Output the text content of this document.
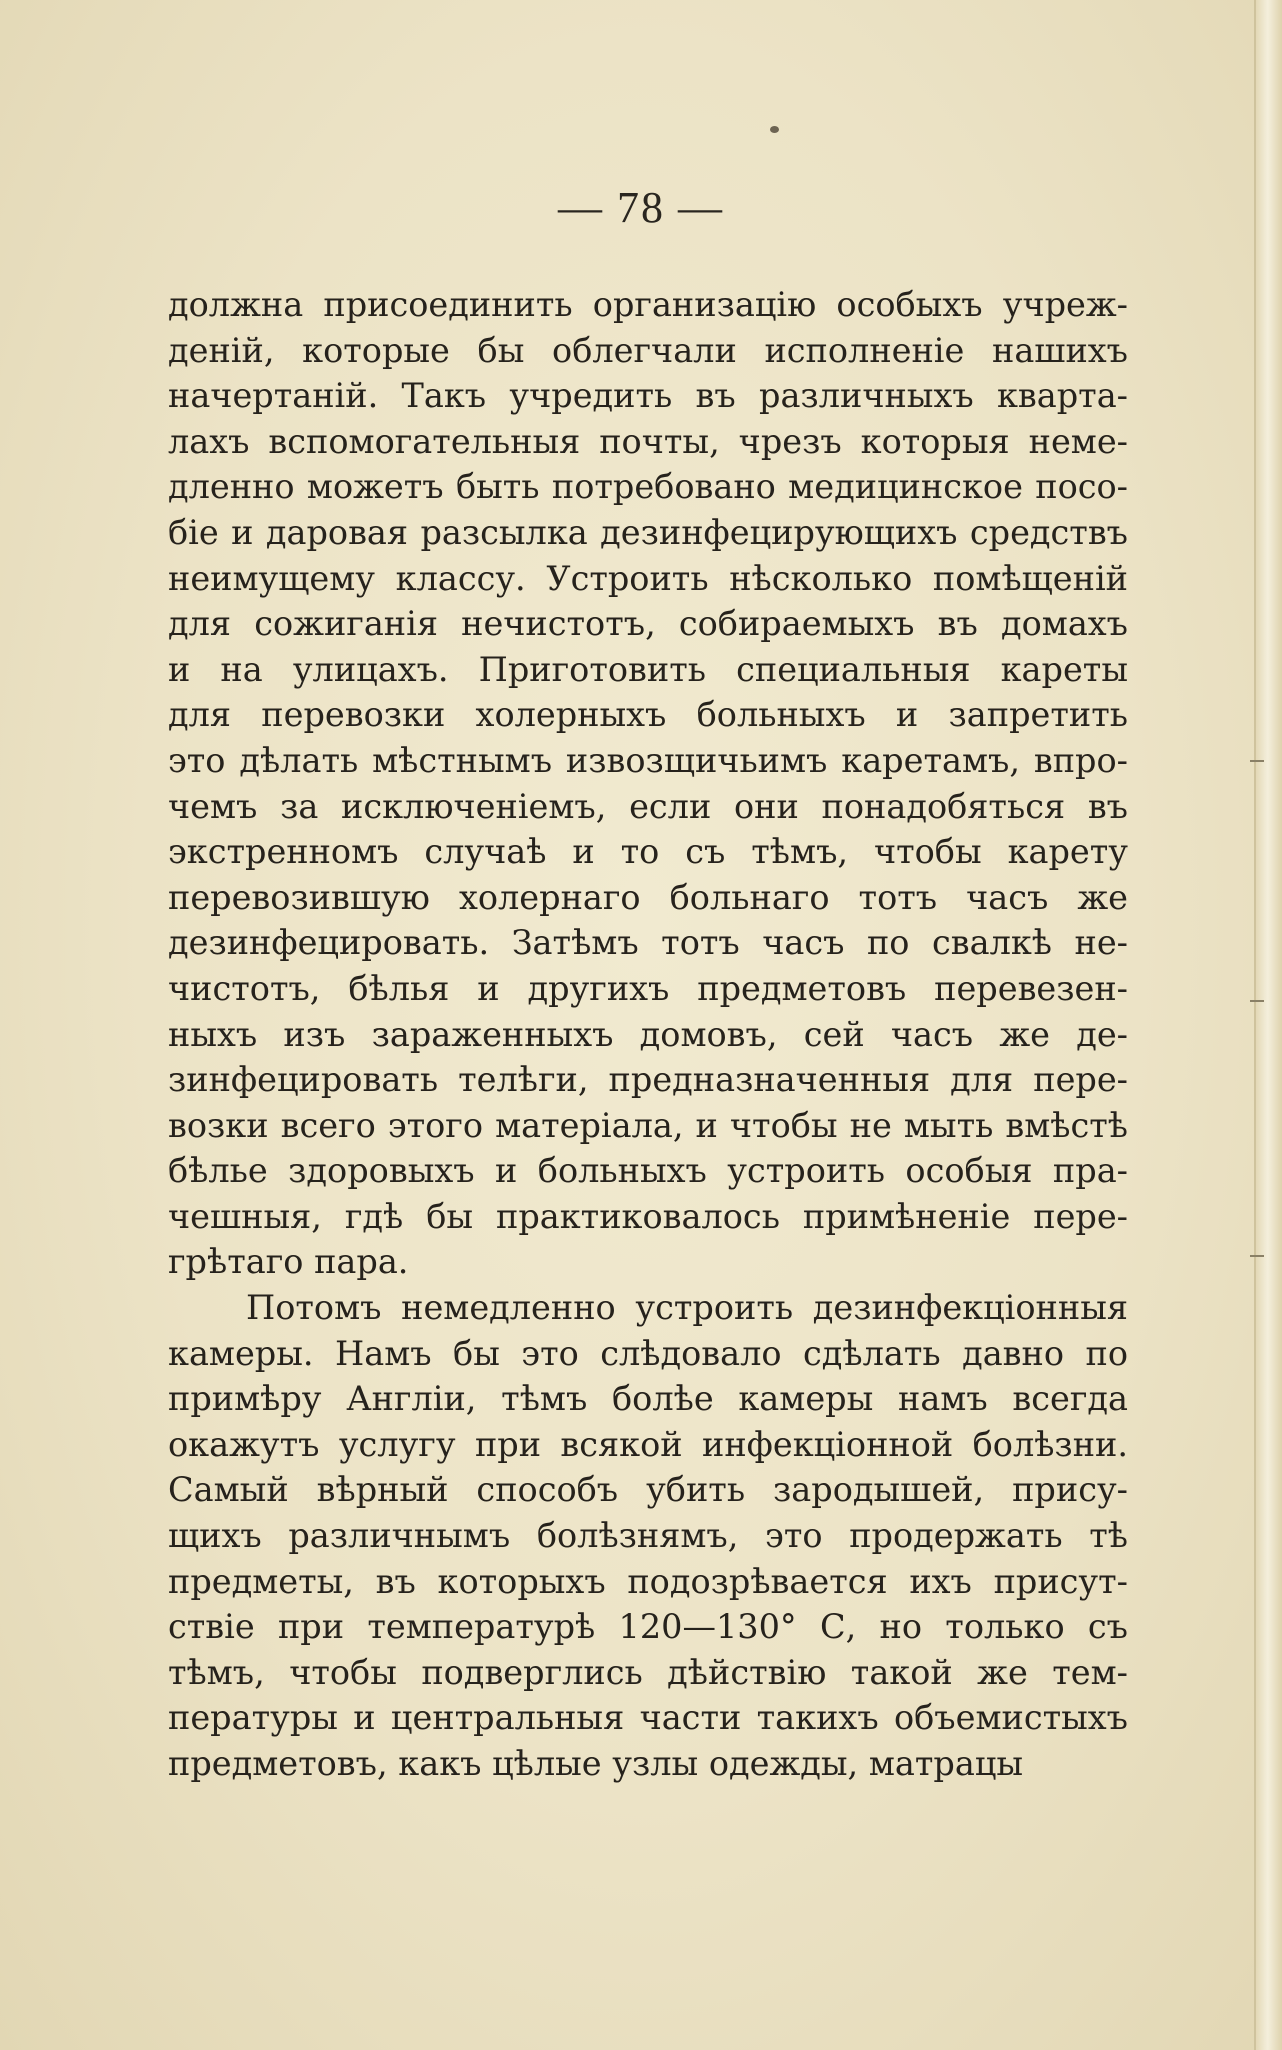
— 78 —
должна присоединить организацію особыхъ учреж-
деній, которые бы облегчали исполненіе нашихъ
начертаній. Такъ учредить въ различныхъ кварта-
лахъ вспомогательныя почты, чрезъ которыя неме-
дленно можетъ быть потребовано медицинское посо-
біе и даровая разсылка дезинфецирующихъ средствъ
неимущему классу. Устроить нѣсколько помѣщеній
для сожиганія нечистотъ, собираемыхъ въ домахъ
и на улицахъ. Приготовить специальныя кареты
для перевозки холерныхъ больныхъ и запретить
это дѣлать мѣстнымъ извозщичьимъ каретамъ, впро-
чемъ за исключеніемъ, если они понадобяться въ
экстренномъ случаѣ и то съ тѣмъ, чтобы карету
перевозившую холернаго больнаго тотъ часъ же
дезинфецировать. Затѣмъ тотъ часъ по свалкѣ не-
чистотъ, бѣлья и другихъ предметовъ перевезен-
ныхъ изъ зараженныхъ домовъ, сей часъ же де-
зинфецировать телѣги, предназначенныя для пере-
возки всего этого матеріала, и чтобы не мыть вмѣстѣ
бѣлье здоровыхъ и больныхъ устроить особыя пра-
чешныя, гдѣ бы практиковалось примѣненіе пере-
грѣтаго пара.
Потомъ немедленно устроить дезинфекціонныя
камеры. Намъ бы это слѣдовало сдѣлать давно по
примѣру Англіи, тѣмъ болѣе камеры намъ всегда
окажутъ услугу при всякой инфекціонной болѣзни.
Самый вѣрный способъ убить зародышей, прису-
щихъ различнымъ болѣзнямъ, это продержать тѣ
предметы, въ которыхъ подозрѣвается ихъ присут-
ствіе при температурѣ 120—130° С, но только съ
тѣмъ, чтобы подверглись дѣйствію такой же тем-
пературы и центральныя части такихъ объемистыхъ
предметовъ, какъ цѣлые узлы одежды, матрацы
